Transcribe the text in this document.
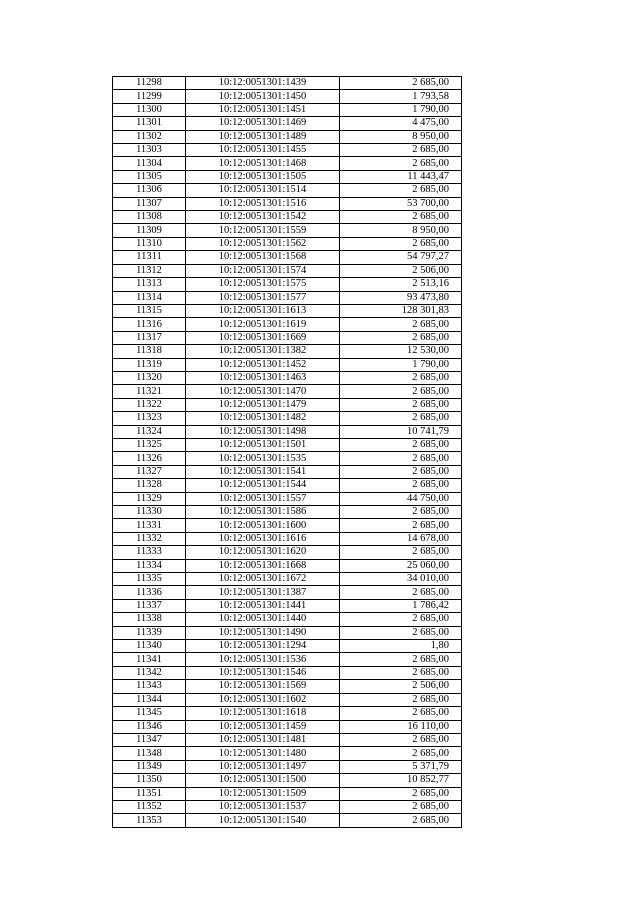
11298	10:12:0051301:1439	2 685,00
11299	10:12:0051301:1450	1 793,58
11300	10:12:0051301:1451	1 790,00
11301	10:12:0051301:1469	4 475,00
11302	10:12:0051301:1489	8 950,00
11303	10:12:0051301:1455	2 685,00
11304	10:12:0051301:1468	2 685,00
11305	10:12:0051301:1505	11 443,47
11306	10:12:0051301:1514	2 685,00
11307	10:12:0051301:1516	53 700,00
11308	10:12:0051301:1542	2 685,00
11309	10:12:0051301:1559	8 950,00
11310	10:12:0051301:1562	2 685,00
11311	10:12:0051301:1568	54 797,27
11312	10:12:0051301:1574	2 506,00
11313	10:12:0051301:1575	2 513,16
11314	10:12:0051301:1577	93 473,80
11315	10:12:0051301:1613	128 301,83
11316	10:12:0051301:1619	2 685,00
11317	10:12:0051301:1669	2 685,00
11318	10:12:0051301:1382	12 530,00
11319	10:12:0051301:1452	1 790,00
11320	10:12:0051301:1463	2 685,00
11321	10:12:0051301:1470	2 685,00
11322	10:12:0051301:1479	2 685,00
11323	10:12:0051301:1482	2 685,00
11324	10:12:0051301:1498	10 741,79
11325	10:12:0051301:1501	2 685,00
11326	10:12:0051301:1535	2 685,00
11327	10:12:0051301:1541	2 685,00
11328	10:12:0051301:1544	2 685,00
11329	10:12:0051301:1557	44 750,00
11330	10:12:0051301:1586	2 685,00
11331	10:12:0051301:1600	2 685,00
11332	10:12:0051301:1616	14 678,00
11333	10:12:0051301:1620	2 685,00
11334	10:12:0051301:1668	25 060,00
11335	10:12:0051301:1672	34 010,00
11336	10:12:0051301:1387	2 685,00
11337	10:12:0051301:1441	1 786,42
11338	10:12:0051301:1440	2 685,00
11339	10:12:0051301:1490	2 685,00
11340	10:12:0051301:1294	1,80
11341	10:12:0051301:1536	2 685,00
11342	10:12:0051301:1546	2 685,00
11343	10:12:0051301:1569	2 506,00
11344	10:12:0051301:1602	2 685,00
11345	10:12:0051301:1618	2 685,00
11346	10:12:0051301:1459	16 110,00
11347	10:12:0051301:1481	2 685,00
11348	10:12:0051301:1480	2 685,00
11349	10:12:0051301:1497	5 371,79
11350	10:12:0051301:1500	10 852,77
11351	10:12:0051301:1509	2 685,00
11352	10:12:0051301:1537	2 685,00
11353	10:12:0051301:1540	2 685,00
